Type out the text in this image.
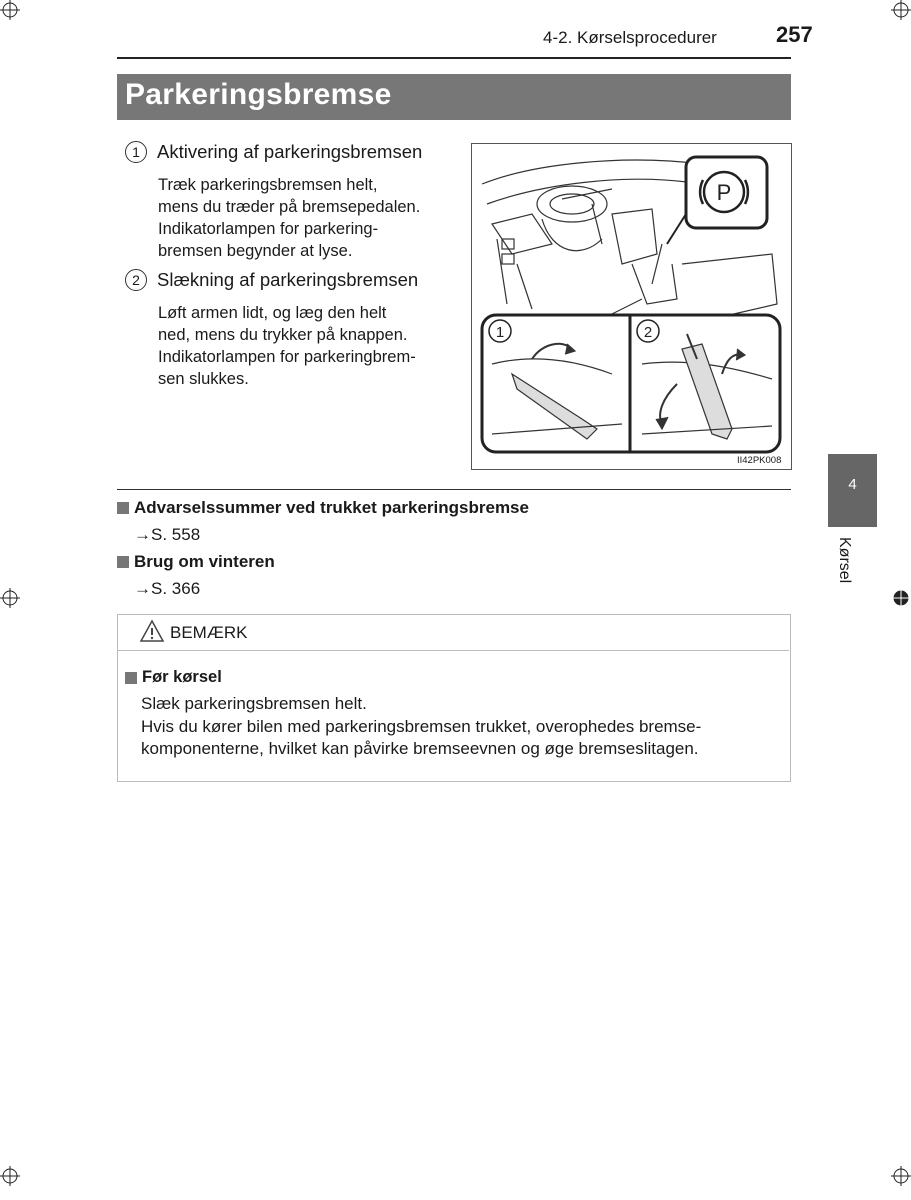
4-2. Kørselsprocedurer	257
Parkeringsbremse
1 Aktivering af parkeringsbremsen
Træk parkeringsbremsen helt,
mens du træder på bremsepedalen.
Indikatorlampen for parkering-
bremsen begynder at lyse.
2 Slækning af parkeringsbremsen
Løft armen lidt, og læg den helt
ned, mens du trykker på knappen.
Indikatorlampen for parkeringbrem-
sen slukkes.
P
1	2
II42PK008
4
Kørsel
Advarselssummer ved trukket parkeringsbremse
→S. 558
Brug om vinteren
→S. 366
BEMÆRK
Før kørsel
Slæk parkeringsbremsen helt.
Hvis du kører bilen med parkeringsbremsen trukket, overophedes bremse-
komponenterne, hvilket kan påvirke bremseevnen og øge bremseslitagen.
